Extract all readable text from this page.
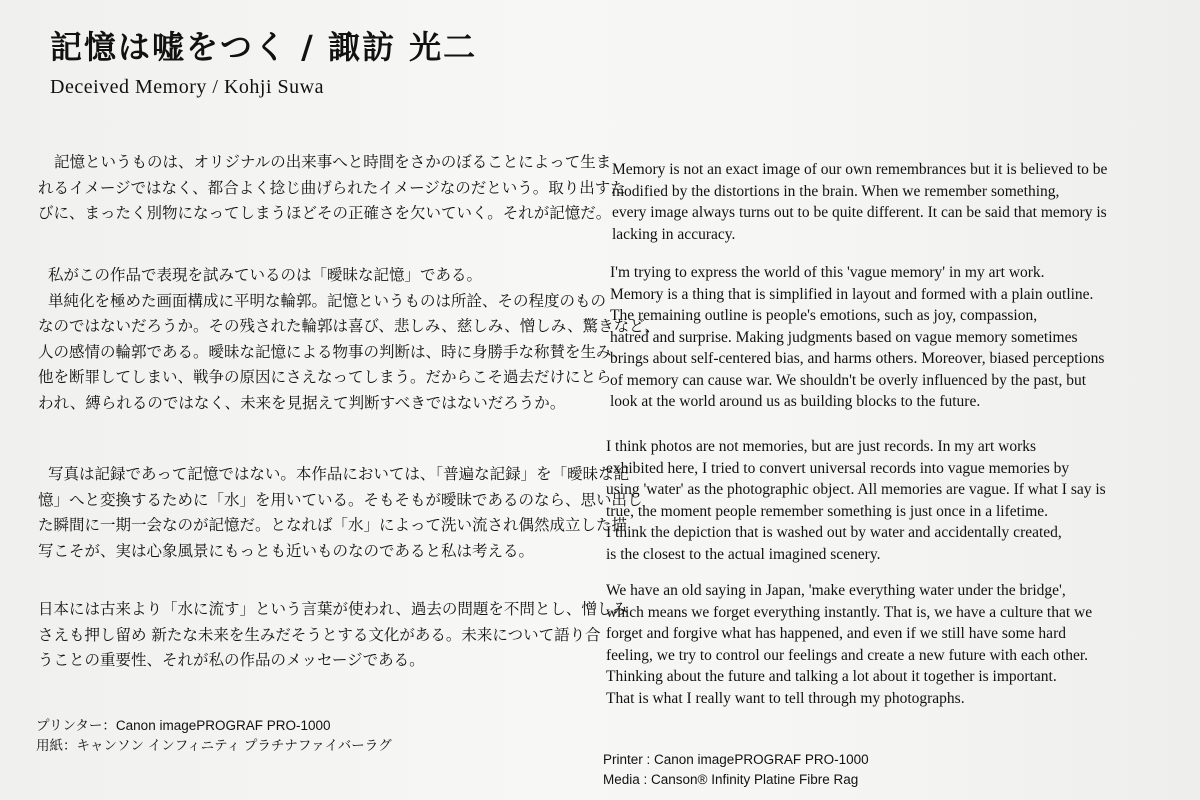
記憶は嘘をつく / 諏訪 光二
Deceived Memory / Kohji Suwa
記憶というものは、オリジナルの出来事へと時間をさかのぼることによって生ま
れるイメージではなく、都合よく捻じ曲げられたイメージなのだという。取り出すた
びに、まったく別物になってしまうほどその正確さを欠いていく。それが記憶だ。
私がこの作品で表現を試みているのは「曖昧な記憶」である。
単純化を極めた画面構成に平明な輪郭。記憶というものは所詮、その程度のもの
なのではないだろうか。その残された輪郭は喜び、悲しみ、慈しみ、憎しみ、驚きなど、
人の感情の輪郭である。曖昧な記憶による物事の判断は、時に身勝手な称賛を生み、
他を断罪してしまい、戦争の原因にさえなってしまう。だからこそ過去だけにとら
われ、縛られるのではなく、未来を見据えて判断すべきではないだろうか。
写真は記録であって記憶ではない。本作品においては、「普遍な記録」を「曖昧な記
憶」へと変換するために「水」を用いている。そもそもが曖昧であるのなら、思い出し
た瞬間に一期一会なのが記憶だ。となれば「水」によって洗い流され偶然成立した描
写こそが、実は心象風景にもっとも近いものなのであると私は考える。
日本には古来より「水に流す」という言葉が使われ、過去の問題を不問とし、憎しみ
さえも押し留め 新たな未来を生みだそうとする文化がある。未来について語り合
うことの重要性、それが私の作品のメッセージである。
プリンター：Canon imagePROGRAF PRO-1000
用紙：キャンソン インフィニティ プラチナファイバーラグ
Memory is not an exact image of our own remembrances but it is believed to be
modified by the distortions in the brain. When we remember something,
every image always turns out to be quite different. It can be said that memory is
lacking in accuracy.
I'm trying to express the world of this 'vague memory' in my art work.
Memory is a thing that is simplified in layout and formed with a plain outline.
The remaining outline is people's emotions, such as joy, compassion,
hatred and surprise. Making judgments based on vague memory sometimes
brings about self-centered bias, and harms others. Moreover, biased perceptions
of memory can cause war. We shouldn't be overly influenced by the past, but
look at the world around us as building blocks to the future.
I think photos are not memories, but are just records. In my art works
exhibited here, I tried to convert universal records into vague memories by
using 'water' as the photographic object. All memories are vague. If what I say is
true, the moment people remember something is just once in a lifetime.
I think the depiction that is washed out by water and accidentally created,
is the closest to the actual imagined scenery.
We have an old saying in Japan, 'make everything water under the bridge',
which means we forget everything instantly. That is, we have a culture that we
forget and forgive what has happened, and even if we still have some hard
feeling, we try to control our feelings and create a new future with each other.
Thinking about the future and talking a lot about it together is important.
That is what I really want to tell through my photographs.
Printer : Canon imagePROGRAF PRO-1000
Media : Canson® Infinity Platine Fibre Rag
